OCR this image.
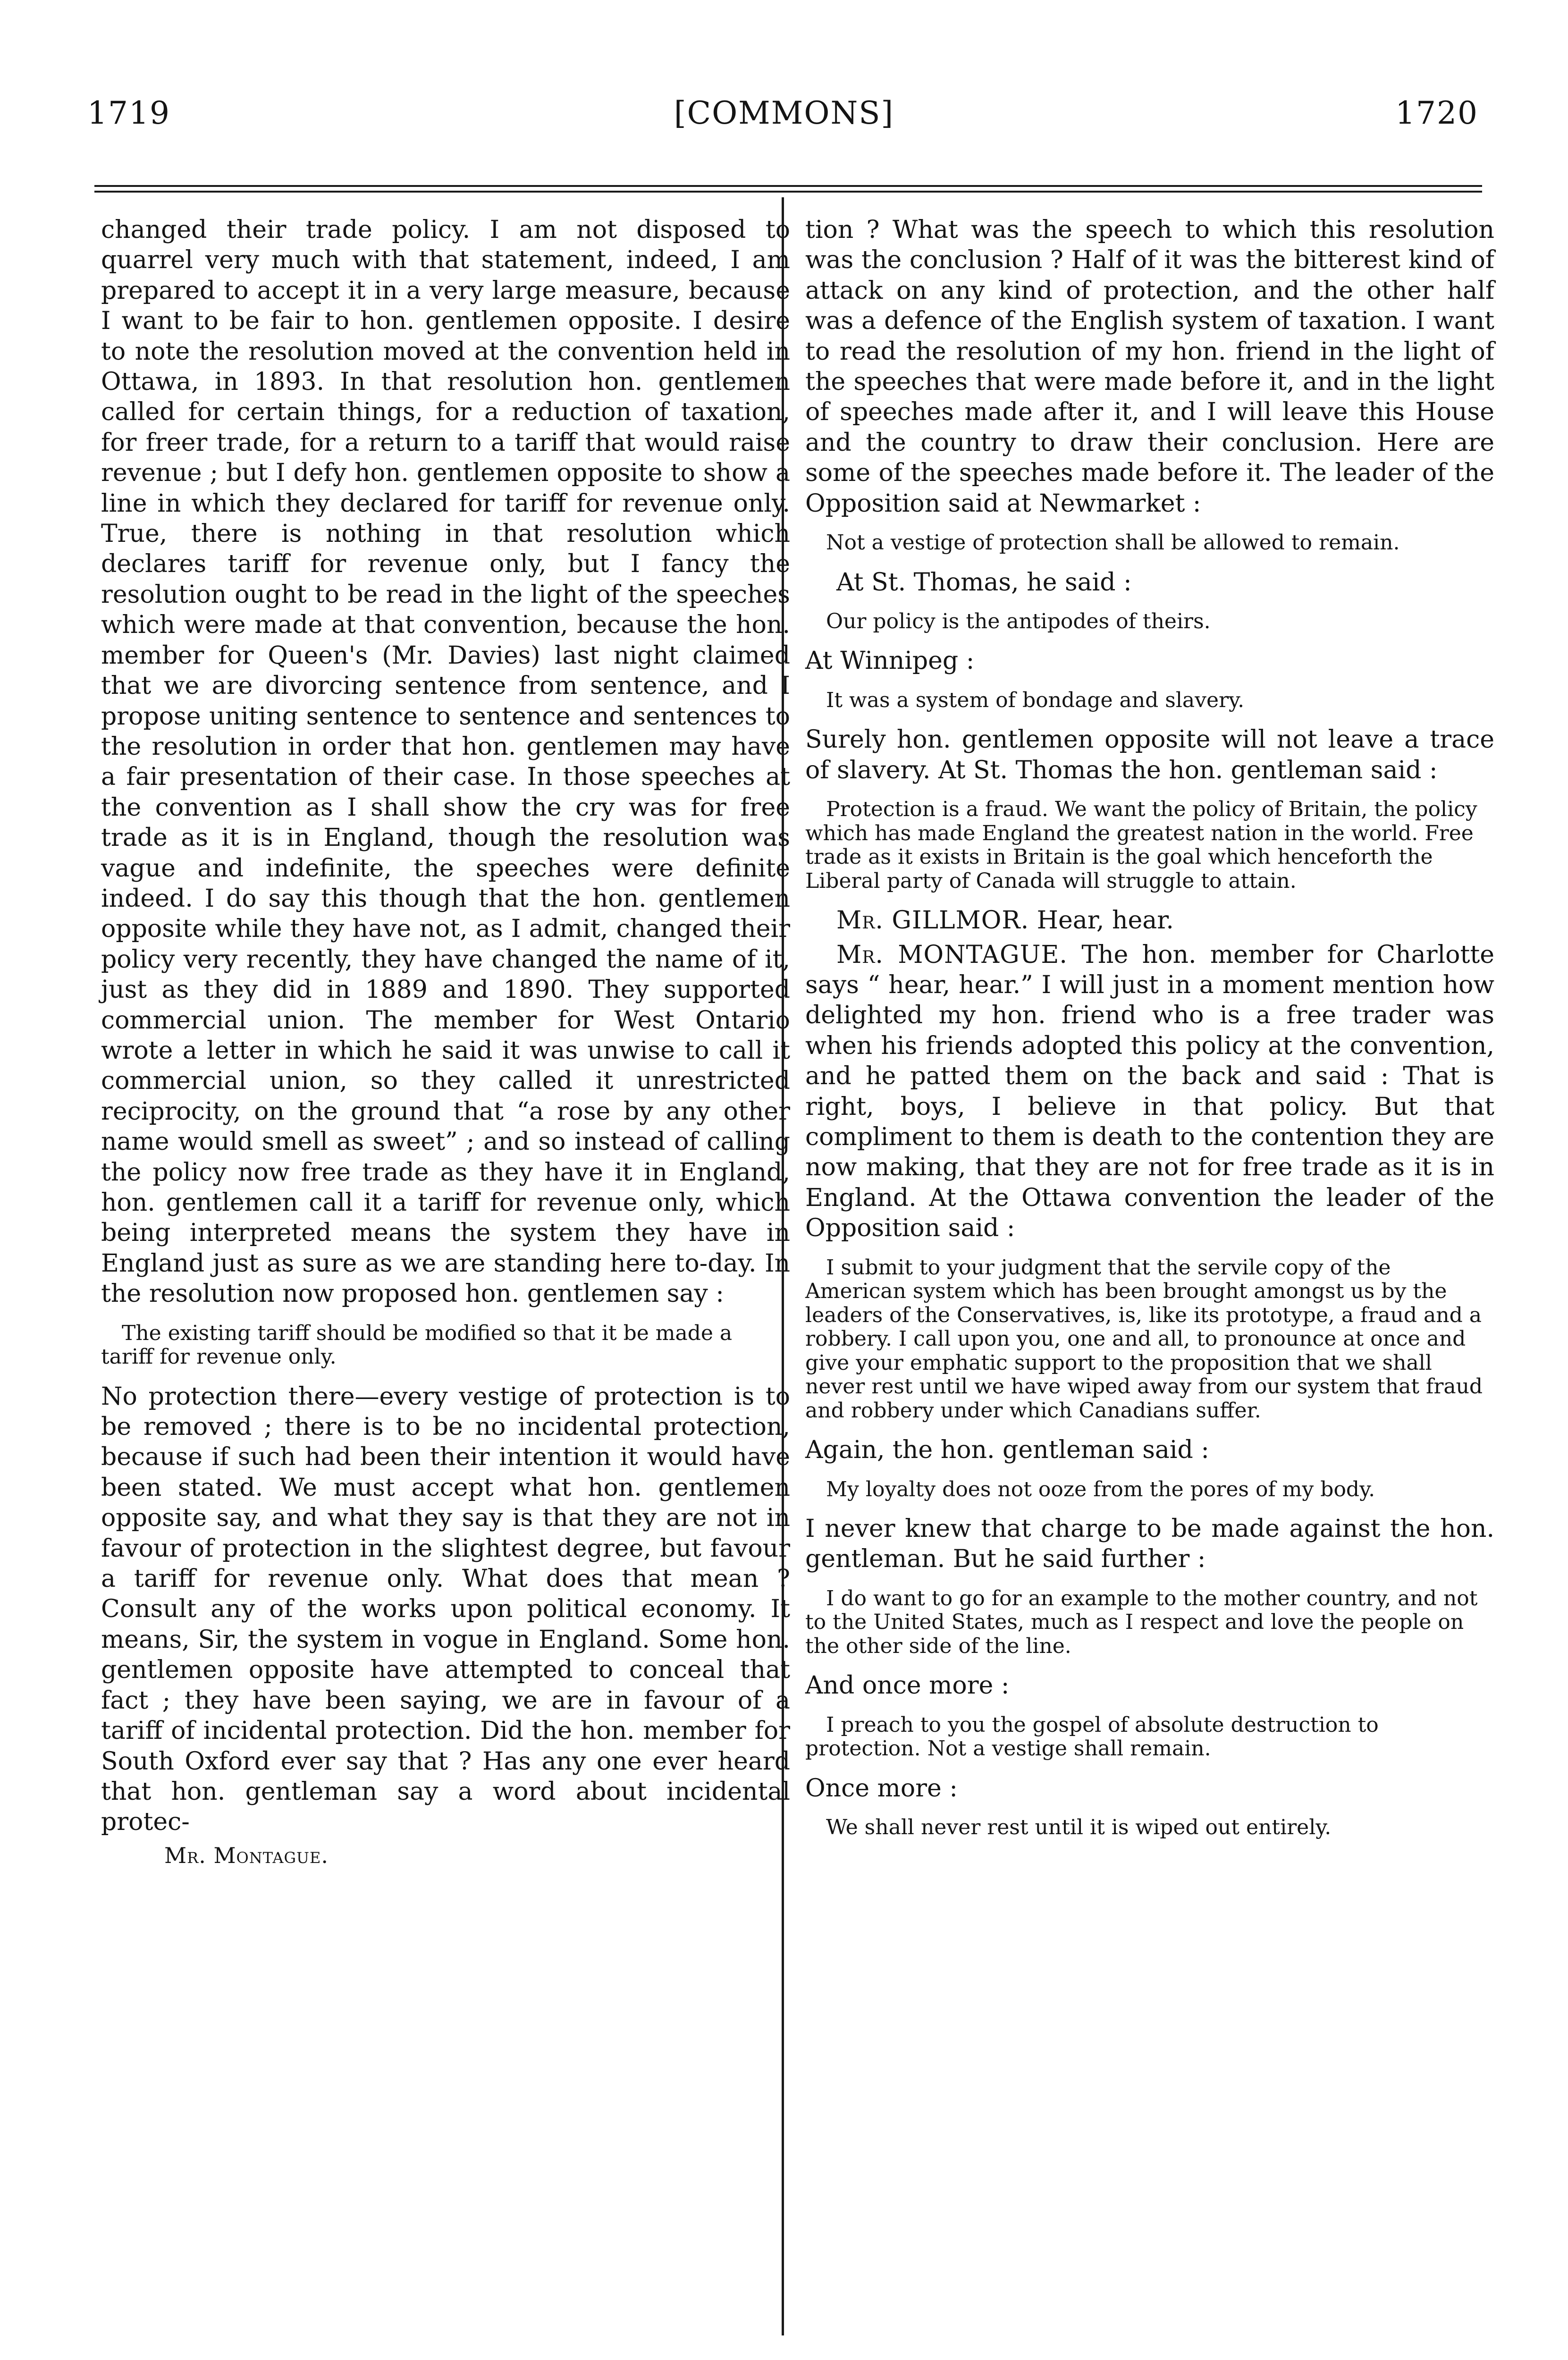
1719	[COMMONS]	1720

changed their trade policy. I am not disposed to quarrel very much with that statement, indeed, I am prepared to accept it in a very large measure, because I want to be fair to hon. gentlemen opposite. I desire to note the resolution moved at the convention held in Ottawa, in 1893. In that resolution hon. gentlemen called for certain things, for a reduction of taxation, for freer trade, for a return to a tariff that would raise revenue ; but I defy hon. gentlemen opposite to show a line in which they declared for tariff for revenue only. True, there is nothing in that resolution which declares tariff for revenue only, but I fancy the resolution ought to be read in the light of the speeches which were made at that convention, because the hon. member for Queen's (Mr. Davies) last night claimed that we are divorcing sentence from sentence, and I propose uniting sentence to sentence and sentences to the resolution in order that hon. gentlemen may have a fair presentation of their case. In those speeches at the convention as I shall show the cry was for free trade as it is in England, though the resolution was vague and indefinite, the speeches were definite indeed. I do say this though that the hon. gentlemen opposite while they have not, as I admit, changed their policy very recently, they have changed the name of it, just as they did in 1889 and 1890. They supported commercial union. The member for West Ontario wrote a letter in which he said it was unwise to call it commercial union, so they called it unrestricted reciprocity, on the ground that “a rose by any other name would smell as sweet” ; and so instead of calling the policy now free trade as they have it in England, hon. gentlemen call it a tariff for revenue only, which being interpreted means the system they have in England just as sure as we are standing here to-day. In the resolution now proposed hon. gentlemen say :

The existing tariff should be modified so that it be made a tariff for revenue only.

No protection there—every vestige of protection is to be removed ; there is to be no incidental protection, because if such had been their intention it would have been stated. We must accept what hon. gentlemen opposite say, and what they say is that they are not in favour of protection in the slightest degree, but favour a tariff for revenue only. What does that mean ? Consult any of the works upon political economy. It means, Sir, the system in vogue in England. Some hon. gentlemen opposite have attempted to conceal that fact ; they have been saying, we are in favour of a tariff of incidental protection. Did the hon. member for South Oxford ever say that ? Has any one ever heard that hon. gentleman say a word about incidental protec-

Mr. Montague.

tion ? What was the speech to which this resolution was the conclusion ? Half of it was the bitterest kind of attack on any kind of protection, and the other half was a defence of the English system of taxation. I want to read the resolution of my hon. friend in the light of the speeches that were made before it, and in the light of speeches made after it, and I will leave this House and the country to draw their conclusion. Here are some of the speeches made before it. The leader of the Opposition said at Newmarket :

Not a vestige of protection shall be allowed to remain.

At St. Thomas, he said :

Our policy is the antipodes of theirs.

At Winnipeg :

It was a system of bondage and slavery.

Surely hon. gentlemen opposite will not leave a trace of slavery. At St. Thomas the hon. gentleman said :

Protection is a fraud. We want the policy of Britain, the policy which has made England the greatest nation in the world. Free trade as it exists in Britain is the goal which henceforth the Liberal party of Canada will struggle to attain.

Mr. GILLMOR. Hear, hear.

Mr. MONTAGUE. The hon. member for Charlotte says “ hear, hear.” I will just in a moment mention how delighted my hon. friend who is a free trader was when his friends adopted this policy at the convention, and he patted them on the back and said : That is right, boys, I believe in that policy. But that compliment to them is death to the contention they are now making, that they are not for free trade as it is in England. At the Ottawa convention the leader of the Opposition said :

I submit to your judgment that the servile copy of the American system which has been brought amongst us by the leaders of the Conservatives, is, like its prototype, a fraud and a robbery. I call upon you, one and all, to pronounce at once and give your emphatic support to the proposition that we shall never rest until we have wiped away from our system that fraud and robbery under which Canadians suffer.

Again, the hon. gentleman said :

My loyalty does not ooze from the pores of my body.

I never knew that charge to be made against the hon. gentleman. But he said further :

I do want to go for an example to the mother country, and not to the United States, much as I respect and love the people on the other side of the line.

And once more :

I preach to you the gospel of absolute destruction to protection. Not a vestige shall remain.

Once more :

We shall never rest until it is wiped out entirely.
